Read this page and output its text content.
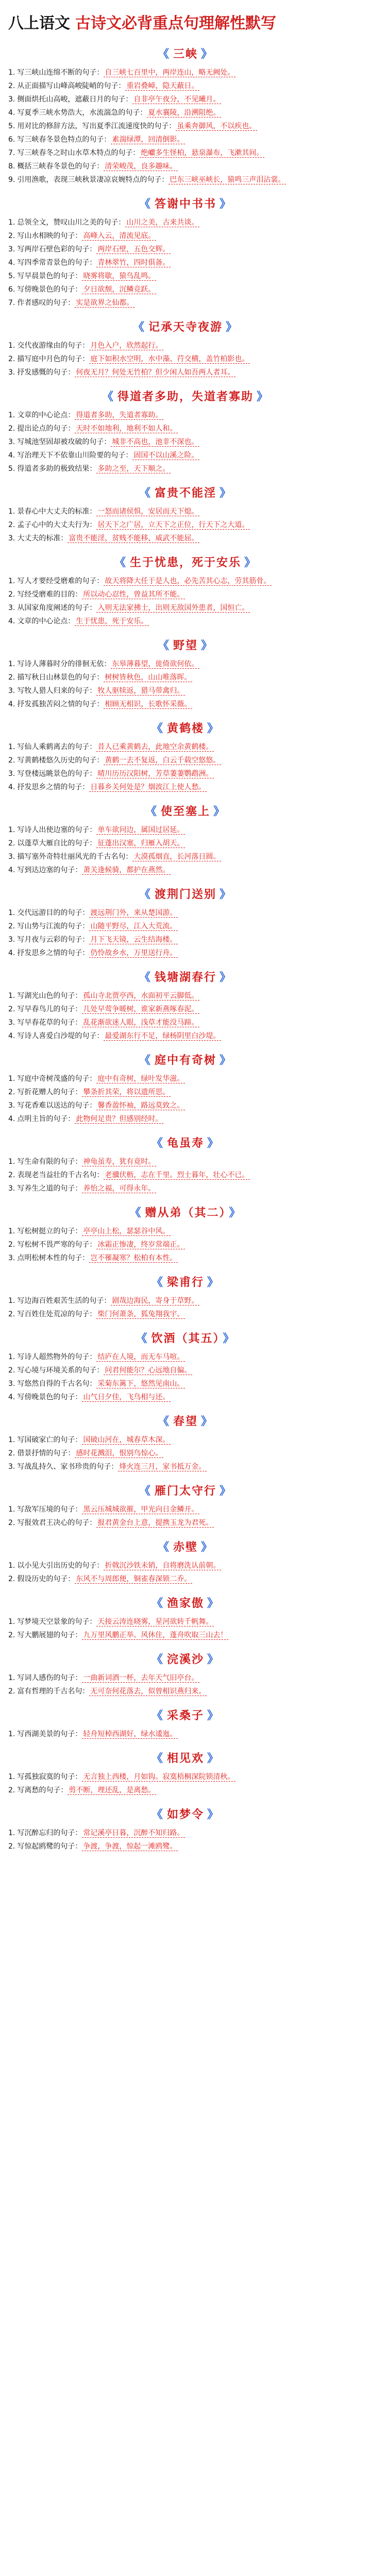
八上语文 古诗文必背重点句理解性默写
《 三峡 》
1. 写三峡山连绵不断的句子： 自三峡七百里中，两岸连山，略无阙处。
2. 从正面描写山峰高峻陡峭的句子： 重岩叠嶂，隐天蔽日。
3. 侧面烘托山高峻，遮蔽日月的句子： 自非亭午夜分，不见曦月。
4. 写夏季三峡水势浩大，水流湍急的句子： 夏水襄陵，沿溯阻绝。
5. 用对比的修辞方法，写出夏季江流速度快的句子： 虽乘奔御风，不以疾也。
6. 写三峡春冬景色特点的句子： 素湍绿潭，回清倒影。
7. 写三峡春冬之时山水草木特点的句子： 绝巘多生怪柏，悬泉瀑布，飞漱其间。
8. 概括三峡春冬景色的句子： 清荣峻茂，良多趣味。
9. 引用渔歌，表现三峡秋景凄凉哀婉特点的句子： 巴东三峡巫峡长，猿鸣三声泪沾裳。
《 答谢中书书 》
1. 总领全文，赞叹山川之美的句子： 山川之美，古来共谈。
2. 写山水相映的句子： 高峰入云，清流见底。
3. 写两岸石壁色彩的句子： 两岸石壁，五色交辉。
4. 写四季常青景色的句子： 青林翠竹，四时俱备。
5. 写早晨景色的句子： 晓雾将歇，猿鸟乱鸣。
6. 写傍晚景色的句子： 夕日欲颓，沉鳞竞跃。
7. 作者感叹的句子： 实是欲界之仙都。
《 记承天寺夜游 》
1. 交代夜游缘由的句子： 月色入户，欣然起行。
2. 描写庭中月色的句子： 庭下如积水空明，水中藻、荇交横，盖竹柏影也。
3. 抒发感慨的句子： 何夜无月？何处无竹柏？但少闲人如吾两人者耳。
《 得道者多助，失道者寡助 》
1. 文章的中心论点： 得道者多助，失道者寡助。
2. 提出论点的句子： 天时不如地利，地利不如人和。
3. 写城池坚固却被攻破的句子： 城非不高也，池非不深也。
4. 写治理天下不依靠山川险要的句子： 固国不以山溪之险。
5. 得道者多助的极致结果： 多助之至，天下顺之。
《 富贵不能淫 》
1. 景春心中大丈夫的标准： 一怒而诸侯惧，安居而天下熄。
2. 孟子心中的大丈夫行为： 居天下之广居，立天下之正位，行天下之大道。
3. 大丈夫的标准： 富贵不能淫，贫贱不能移，威武不能屈。
《 生于忧患，死于安乐 》
1. 写人才要经受磨难的句子： 故天将降大任于是人也，必先苦其心志，劳其筋骨。
2. 写经受磨难的目的： 所以动心忍性，曾益其所不能。
3. 从国家角度阐述的句子： 入则无法家拂士，出则无敌国外患者，国恒亡。
4. 文章的中心论点： 生于忧患，死于安乐。
《 野望 》
1. 写诗人薄暮时分的徘徊无依： 东皋薄暮望，徙倚欲何依。
2. 描写秋日山林景色的句子： 树树皆秋色，山山唯落晖。
3. 写牧人猎人归来的句子： 牧人驱犊返，猎马带禽归。
4. 抒发孤独苦闷之情的句子： 相顾无相识，长歌怀采薇。
《 黄鹤楼 》
1. 写仙人乘鹤离去的句子： 昔人已乘黄鹤去，此地空余黄鹤楼。
2. 写黄鹤楼悠久历史的句子： 黄鹤一去不复返，白云千载空悠悠。
3. 写登楼远眺景色的句子： 晴川历历汉阳树，芳草萋萋鹦鹉洲。
4. 抒发思乡之情的句子： 日暮乡关何处是？烟波江上使人愁。
《 使至塞上 》
1. 写诗人出使边塞的句子： 单车欲问边，属国过居延。
2. 以蓬草大雁自比的句子： 征蓬出汉塞，归雁入胡天。
3. 描写塞外奇特壮丽风光的千古名句： 大漠孤烟直，长河落日圆。
4. 写到达边塞的句子： 萧关逢候骑，都护在燕然。
《 渡荆门送别 》
1. 交代远游目的的句子： 渡远荆门外，来从楚国游。
2. 写山势与江流的句子： 山随平野尽，江入大荒流。
3. 写月夜与云彩的句子： 月下飞天镜，云生结海楼。
4. 抒发思乡之情的句子： 仍怜故乡水，万里送行舟。
《 钱塘湖春行 》
1. 写湖光山色的句子： 孤山寺北贾亭西，水面初平云脚低。
2. 写早春鸟儿的句子： 几处早莺争暖树，谁家新燕啄春泥。
3. 写早春花草的句子： 乱花渐欲迷人眼，浅草才能没马蹄。
4. 写诗人喜爱白沙堤的句子： 最爱湖东行不足，绿杨阴里白沙堤。
《 庭中有奇树 》
1. 写庭中奇树茂盛的句子： 庭中有奇树，绿叶发华滋。
2. 写折花赠人的句子： 攀条折其荣，将以遗所思。
3. 写花香难以送达的句子： 馨香盈怀袖，路远莫致之。
4. 点明主旨的句子： 此物何足贵？但感别经时。
《 龟虽寿 》
1. 写生命有限的句子： 神龟虽寿，犹有竟时。
2. 表现老当益壮的千古名句： 老骥伏枥，志在千里。烈士暮年，壮心不已。
3. 写养生之道的句子： 养怡之福，可得永年。
《 赠从弟（其二） 》
1. 写松树挺立的句子： 亭亭山上松，瑟瑟谷中风。
2. 写松树不畏严寒的句子： 冰霜正惨凄，终岁常端正。
3. 点明松树本性的句子： 岂不罹凝寒？松柏有本性。
《 梁甫行 》
1. 写边海百姓艰苦生活的句子： 剧哉边海民，寄身于草野。
2. 写百姓住处荒凉的句子： 柴门何萧条，狐兔翔我宇。
《 饮酒（其五） 》
1. 写诗人超然物外的句子： 结庐在人境，而无车马喧。
2. 写心境与环境关系的句子： 问君何能尔？心远地自偏。
3. 写悠然自得的千古名句： 采菊东篱下，悠然见南山。
4. 写傍晚景色的句子： 山气日夕佳，飞鸟相与还。
《 春望 》
1. 写国破家亡的句子： 国破山河在，城春草木深。
2. 借景抒情的句子： 感时花溅泪，恨别鸟惊心。
3. 写战乱持久、家书珍贵的句子： 烽火连三月，家书抵万金。
《 雁门太守行 》
1. 写敌军压境的句子： 黑云压城城欲摧，甲光向日金鳞开。
2. 写报效君王决心的句子： 报君黄金台上意，提携玉龙为君死。
《 赤壁 》
1. 以小见大引出历史的句子： 折戟沉沙铁未销，自将磨洗认前朝。
2. 假设历史的句子： 东风不与周郎便，铜雀春深锁二乔。
《 渔家傲 》
1. 写梦境天空景象的句子： 天接云涛连晓雾，星河欲转千帆舞。
2. 写大鹏展翅的句子： 九万里风鹏正举。风休住，蓬舟吹取三山去！
《 浣溪沙 》
1. 写词人感伤的句子： 一曲新词酒一杯，去年天气旧亭台。
2. 富有哲理的千古名句： 无可奈何花落去，似曾相识燕归来。
《 采桑子 》
1. 写西湖美景的句子： 轻舟短棹西湖好，绿水逶迤。
《 相见欢 》
1. 写孤独寂寞的句子： 无言独上西楼，月如钩。寂寞梧桐深院锁清秋。
2. 写离愁的句子： 剪不断，理还乱，是离愁。
《 如梦令 》
1. 写沉醉忘归的句子： 常记溪亭日暮，沉醉不知归路。
2. 写惊起鸥鹭的句子： 争渡，争渡，惊起一滩鸥鹭。
